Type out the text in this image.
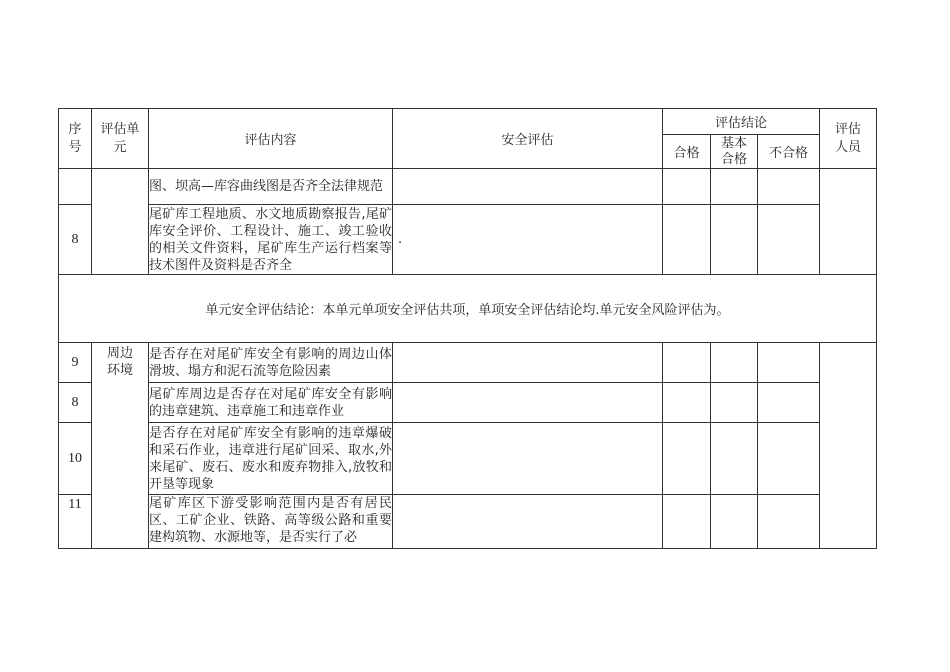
序号	评估单元	评估内容	安全评估	评估结论			评估人员
				合格	基本合格	不合格	
		图、坝高—库容曲线图是否齐全法律规范					
8		尾矿库工程地质、水文地质勘察报告,尾矿库安全评价、工程设计、施工、竣工验收的相关文件资料，尾矿库生产运行档案等技术图件及资料是否齐全	.				
单元安全评估结论：本单元单项安全评估共项，单项安全评估结论均.单元安全风险评估为。							
9	周边环境	是否存在对尾矿库安全有影响的周边山体滑坡、塌方和泥石流等危险因素					
8		尾矿库周边是否存在对尾矿库安全有影响的违章建筑、违章施工和违章作业					
10		是否存在对尾矿库安全有影响的违章爆破和采石作业，违章进行尾矿回采、取水,外来尾矿、废石、废水和废弃物排入,放牧和开垦等现象					
11		尾矿库区下游受影响范围内是否有居民区、工矿企业、铁路、高等级公路和重要建构筑物、水源地等，是否实行了必					
